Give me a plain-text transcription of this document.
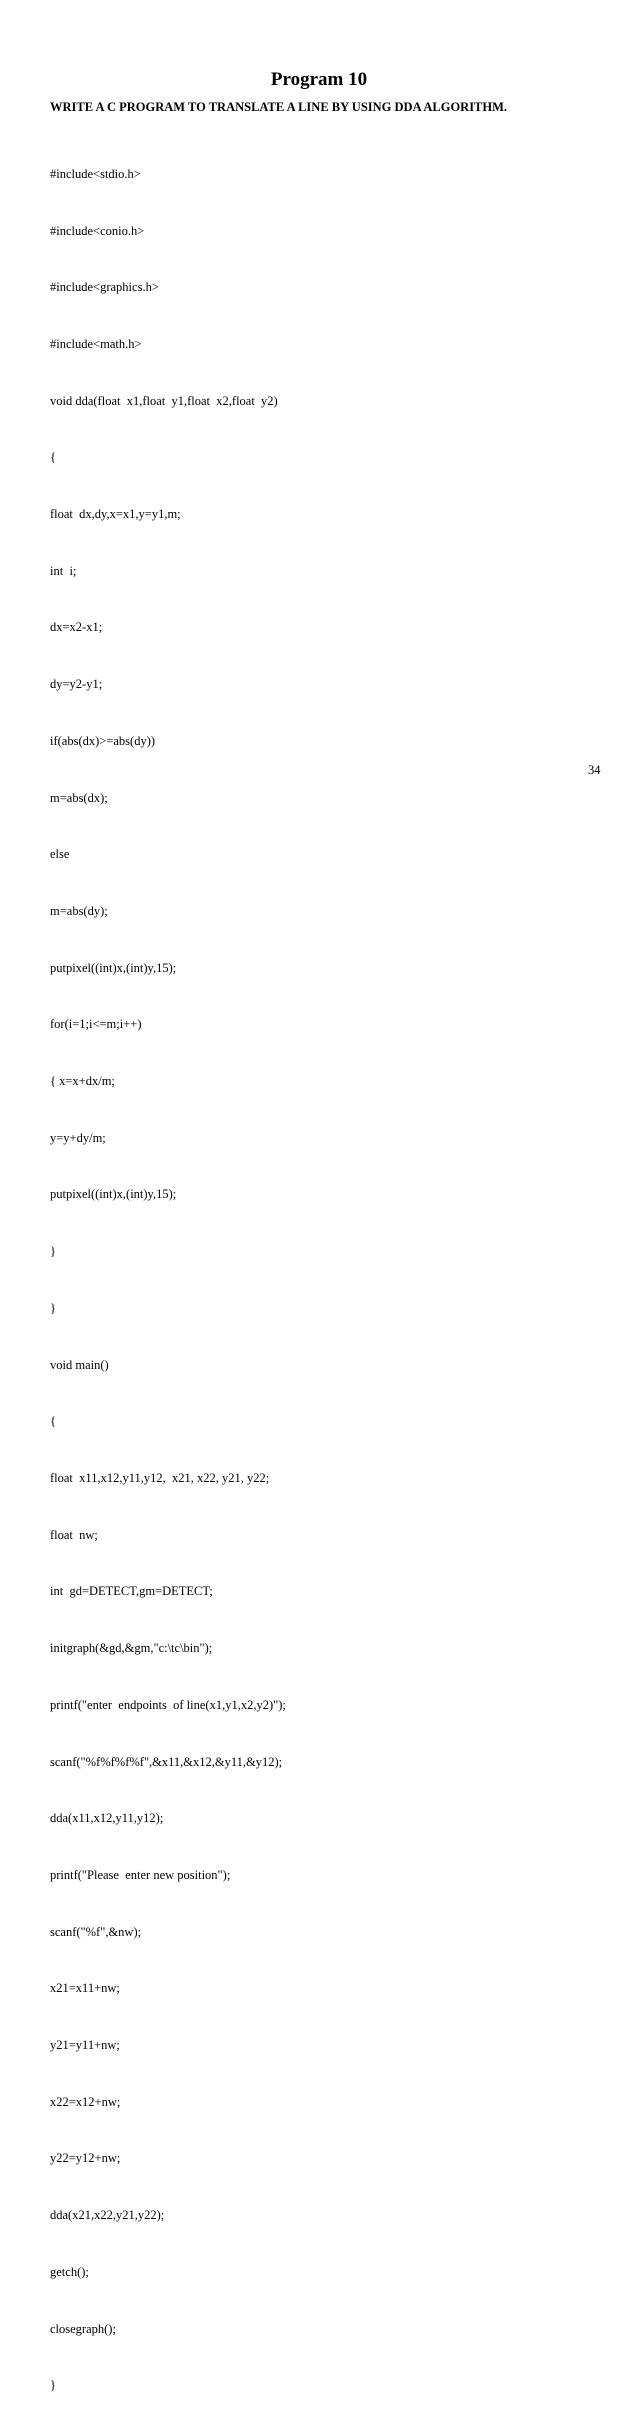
Program 10
WRITE A C PROGRAM TO TRANSLATE A LINE BY USING DDA ALGORITHM.

#include<stdio.h>

#include<conio.h>

#include<graphics.h>

#include<math.h>

void dda(float  x1,float  y1,float  x2,float  y2)

{

float  dx,dy,x=x1,y=y1,m;

int  i;

dx=x2-x1;

dy=y2-y1;

if(abs(dx)>=abs(dy))

m=abs(dx);

else

m=abs(dy);

putpixel((int)x,(int)y,15);

for(i=1;i<=m;i++)

{ x=x+dx/m;

y=y+dy/m;

putpixel((int)x,(int)y,15);

}

}

void main()

{

float  x11,x12,y11,y12,  x21, x22, y21, y22;

float  nw;

int  gd=DETECT,gm=DETECT;

initgraph(&gd,&gm,"c:\tc\bin");

printf("enter  endpoints  of line(x1,y1,x2,y2)");

scanf("%f%f%f%f",&x11,&x12,&y11,&y12);

dda(x11,x12,y11,y12);

printf("Please  enter new position");

scanf("%f",&nw);

x21=x11+nw;

y21=y11+nw;

x22=x12+nw;

y22=y12+nw;

dda(x21,x22,y21,y22);

getch();

closegraph();

}

34
